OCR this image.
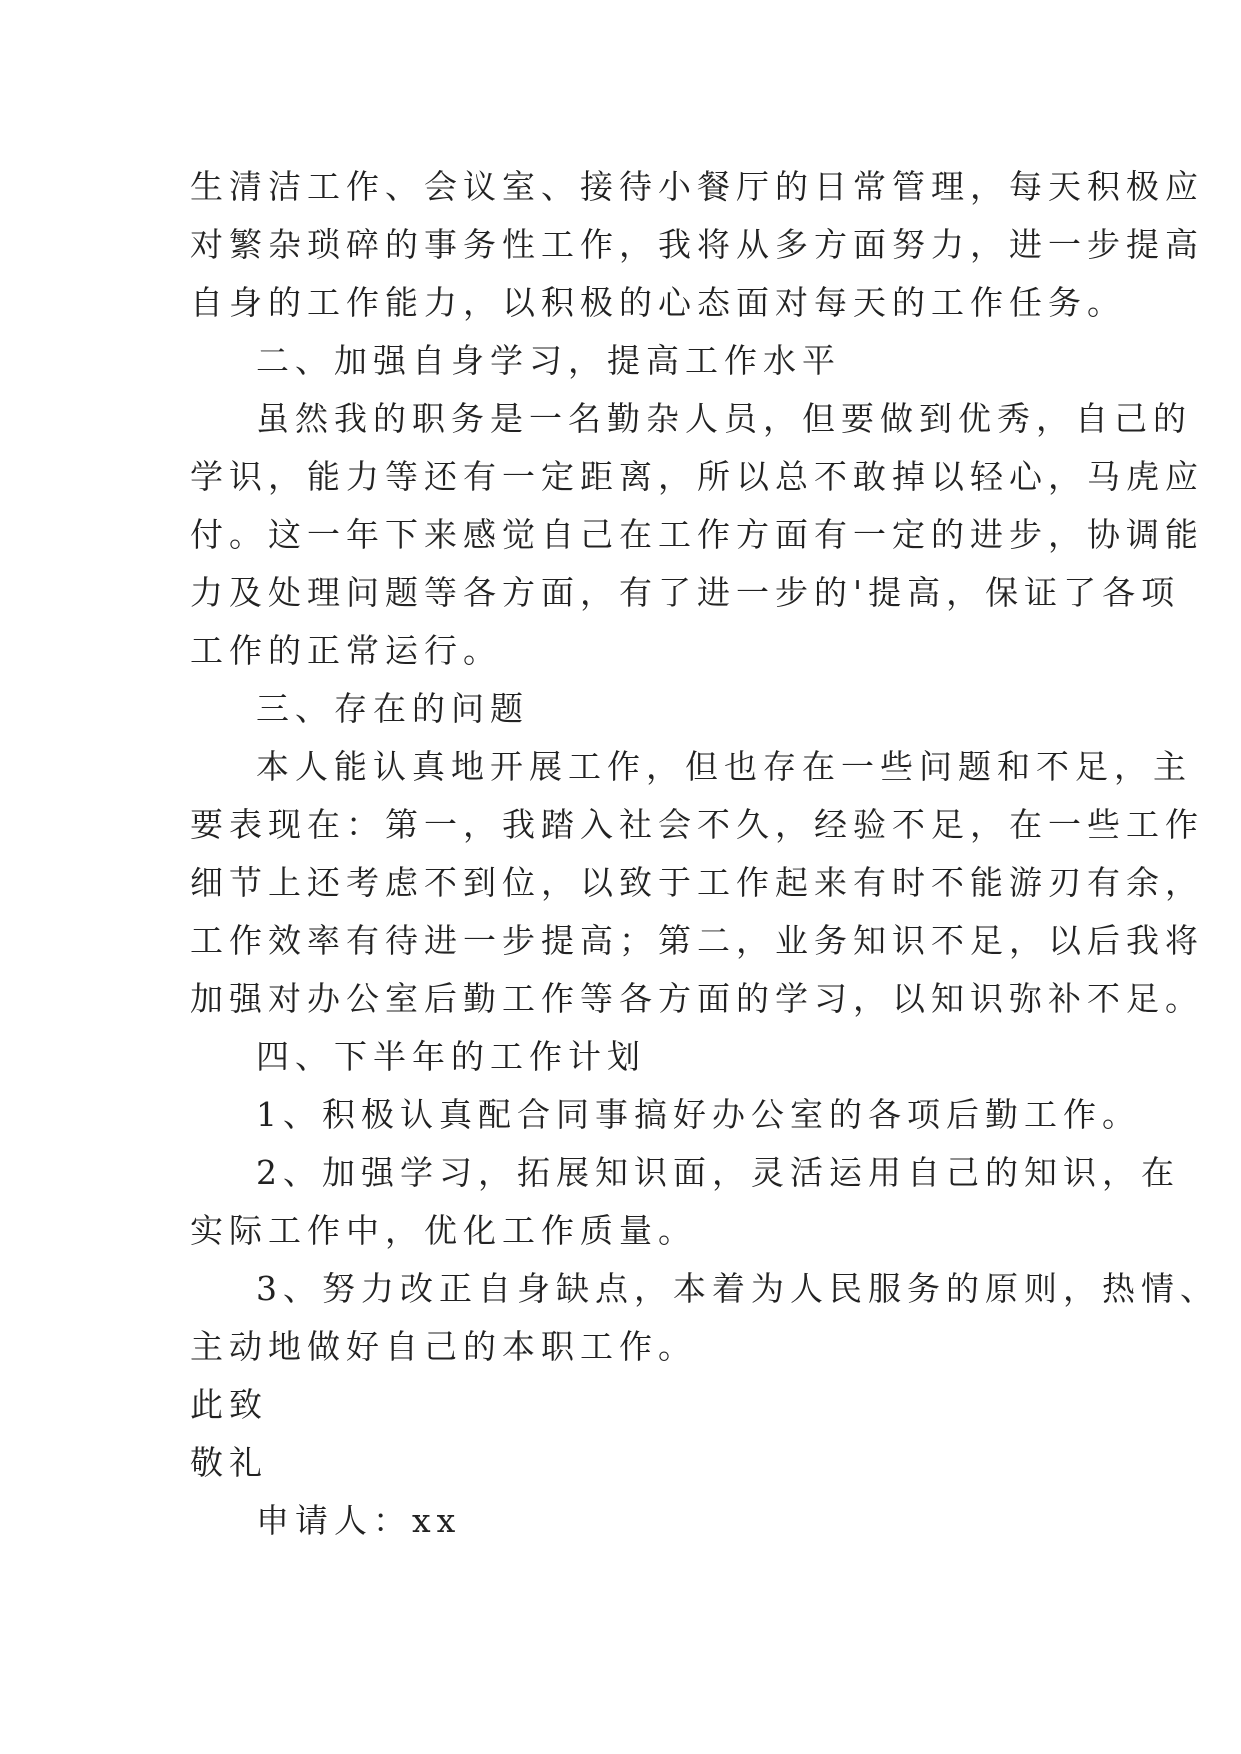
生清洁工作、会议室、接待小餐厅的日常管理，每天积极应
对繁杂琐碎的事务性工作，我将从多方面努力，进一步提高
自身的工作能力，以积极的心态面对每天的工作任务。
二、加强自身学习，提高工作水平
虽然我的职务是一名勤杂人员，但要做到优秀，自己的
学识，能力等还有一定距离，所以总不敢掉以轻心，马虎应
付。这一年下来感觉自己在工作方面有一定的进步，协调能
力及处理问题等各方面，有了进一步的'提高，保证了各项
工作的正常运行。
三、存在的问题
本人能认真地开展工作，但也存在一些问题和不足，主
要表现在：第一，我踏入社会不久，经验不足，在一些工作
细节上还考虑不到位，以致于工作起来有时不能游刃有余，
工作效率有待进一步提高；第二，业务知识不足，以后我将
加强对办公室后勤工作等各方面的学习，以知识弥补不足。
四、下半年的工作计划
1、积极认真配合同事搞好办公室的各项后勤工作。
2、加强学习，拓展知识面，灵活运用自己的知识，在
实际工作中，优化工作质量。
3、努力改正自身缺点，本着为人民服务的原则，热情、
主动地做好自己的本职工作。
此致
敬礼
申请人：xx
